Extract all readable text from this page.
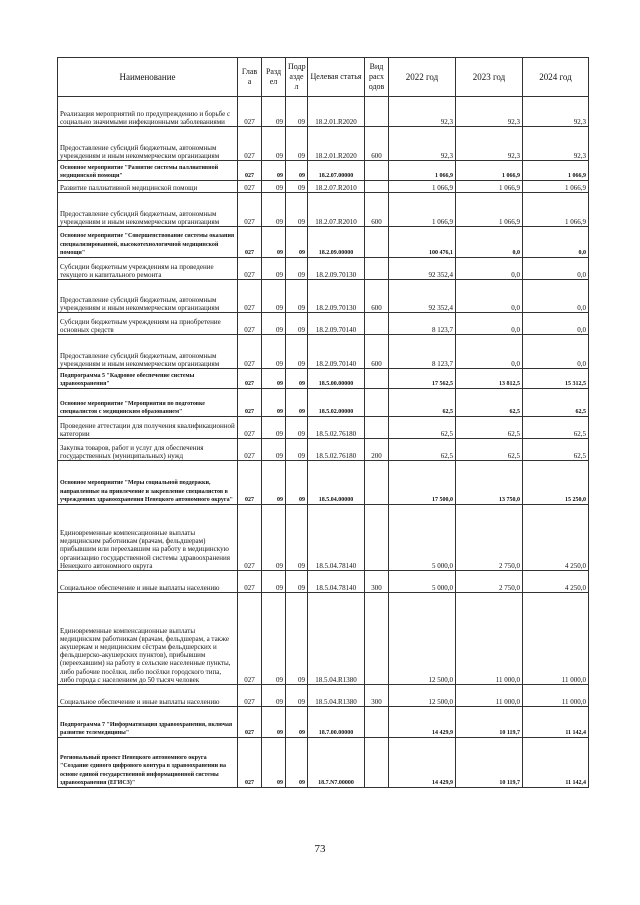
Наименование	Глав а	Разд ел	Подр азде л	Целевая статья	Вид расх одов	2022 год	2023 год	2024 год
Реализация мероприятий по предупреждению и борьбе с социально значимыми инфекционными заболеваниями	027	09	09	18.2.01.R2020		92,3	92,3	92,3
Предоставление субсидий бюджетным, автономным учреждениям и иным некоммерческим организациям	027	09	09	18.2.01.R2020	600	92,3	92,3	92,3
Основное мероприятие "Развитие системы паллиативной медицинской помощи"	027	09	09	18.2.07.00000		1 066,9	1 066,9	1 066,9
Развитие паллиативной медицинской помощи	027	09	09	18.2.07.R2010		1 066,9	1 066,9	1 066,9
Предоставление субсидий бюджетным, автономным учреждениям и иным некоммерческим организациям	027	09	09	18.2.07.R2010	600	1 066,9	1 066,9	1 066,9
Основное мероприятие "Совершенствование системы оказания специализированной, высокотехнологичной медицинской помощи"	027	09	09	18.2.09.00000		100 476,1	0,0	0,0
Субсидии бюджетным учреждениям на проведение текущего и капитального ремонта	027	09	09	18.2.09.70130		92 352,4	0,0	0,0
Предоставление субсидий бюджетным, автономным учреждениям и иным некоммерческим организациям	027	09	09	18.2.09.70130	600	92 352,4	0,0	0,0
Субсидии бюджетным учреждениям на приобретение основных средств	027	09	09	18.2.09.70140		8 123,7	0,0	0,0
Предоставление субсидий бюджетным, автономным учреждениям и иным некоммерческим организациям	027	09	09	18.2.09.70140	600	8 123,7	0,0	0,0
Подпрограмма 5 "Кадровое обеспечение системы здравоохранения"	027	09	09	18.5.00.00000		17 562,5	13 812,5	15 312,5
Основное мероприятие "Мероприятия по подготовке специалистов с медицинским образованием"	027	09	09	18.5.02.00000		62,5	62,5	62,5
Проведение аттестации для получения квалификационной категории	027	09	09	18.5.02.76180		62,5	62,5	62,5
Закупка товаров, работ и услуг для обеспечения государственных (муниципальных) нужд	027	09	09	18.5.02.76180	200	62,5	62,5	62,5
Основное мероприятие "Меры социальной поддержки, направленные на привлечение и закрепление специалистов в учреждениях здравоохранения Ненецкого автономного округа"	027	09	09	18.5.04.00000		17 500,0	13 750,0	15 250,0
Единовременные компенсационные выплаты медицинским работникам (врачам, фельдшерам) прибывшим или переехавшим на работу в медицинскую организацию государственной системы здравоохранения Ненецкого автономного округа	027	09	09	18.5.04.78140		5 000,0	2 750,0	4 250,0
Социальное обеспечение и иные выплаты населению	027	09	09	18.5.04.78140	300	5 000,0	2 750,0	4 250,0
Единовременные компенсационные выплаты медицинским работникам (врачам, фельдшерам, а также акушеркам и медицинским сёстрам фельдшерских и фельдшерско-акушерских пунктов), прибывшим (переехавшим) на работу в сельские населенные пункты, либо рабочие посёлки, либо посёлки городского типа, либо города с населением до 50 тысяч человек	027	09	09	18.5.04.R1380		12 500,0	11 000,0	11 000,0
Социальное обеспечение и иные выплаты населению	027	09	09	18.5.04.R1380	300	12 500,0	11 000,0	11 000,0
Подпрограмма 7 "Информатизация здравоохранения, включая развитие телемедицины"	027	09	09	18.7.00.00000		14 429,9	10 119,7	11 142,4
Региональный проект Ненецкого автономного округа "Создание единого цифрового контура в здравоохранении на основе единой государственной информационной системы здравоохранения (ЕГИСЗ)"	027	09	09	18.7.N7.00000		14 429,9	10 119,7	11 142,4
73
